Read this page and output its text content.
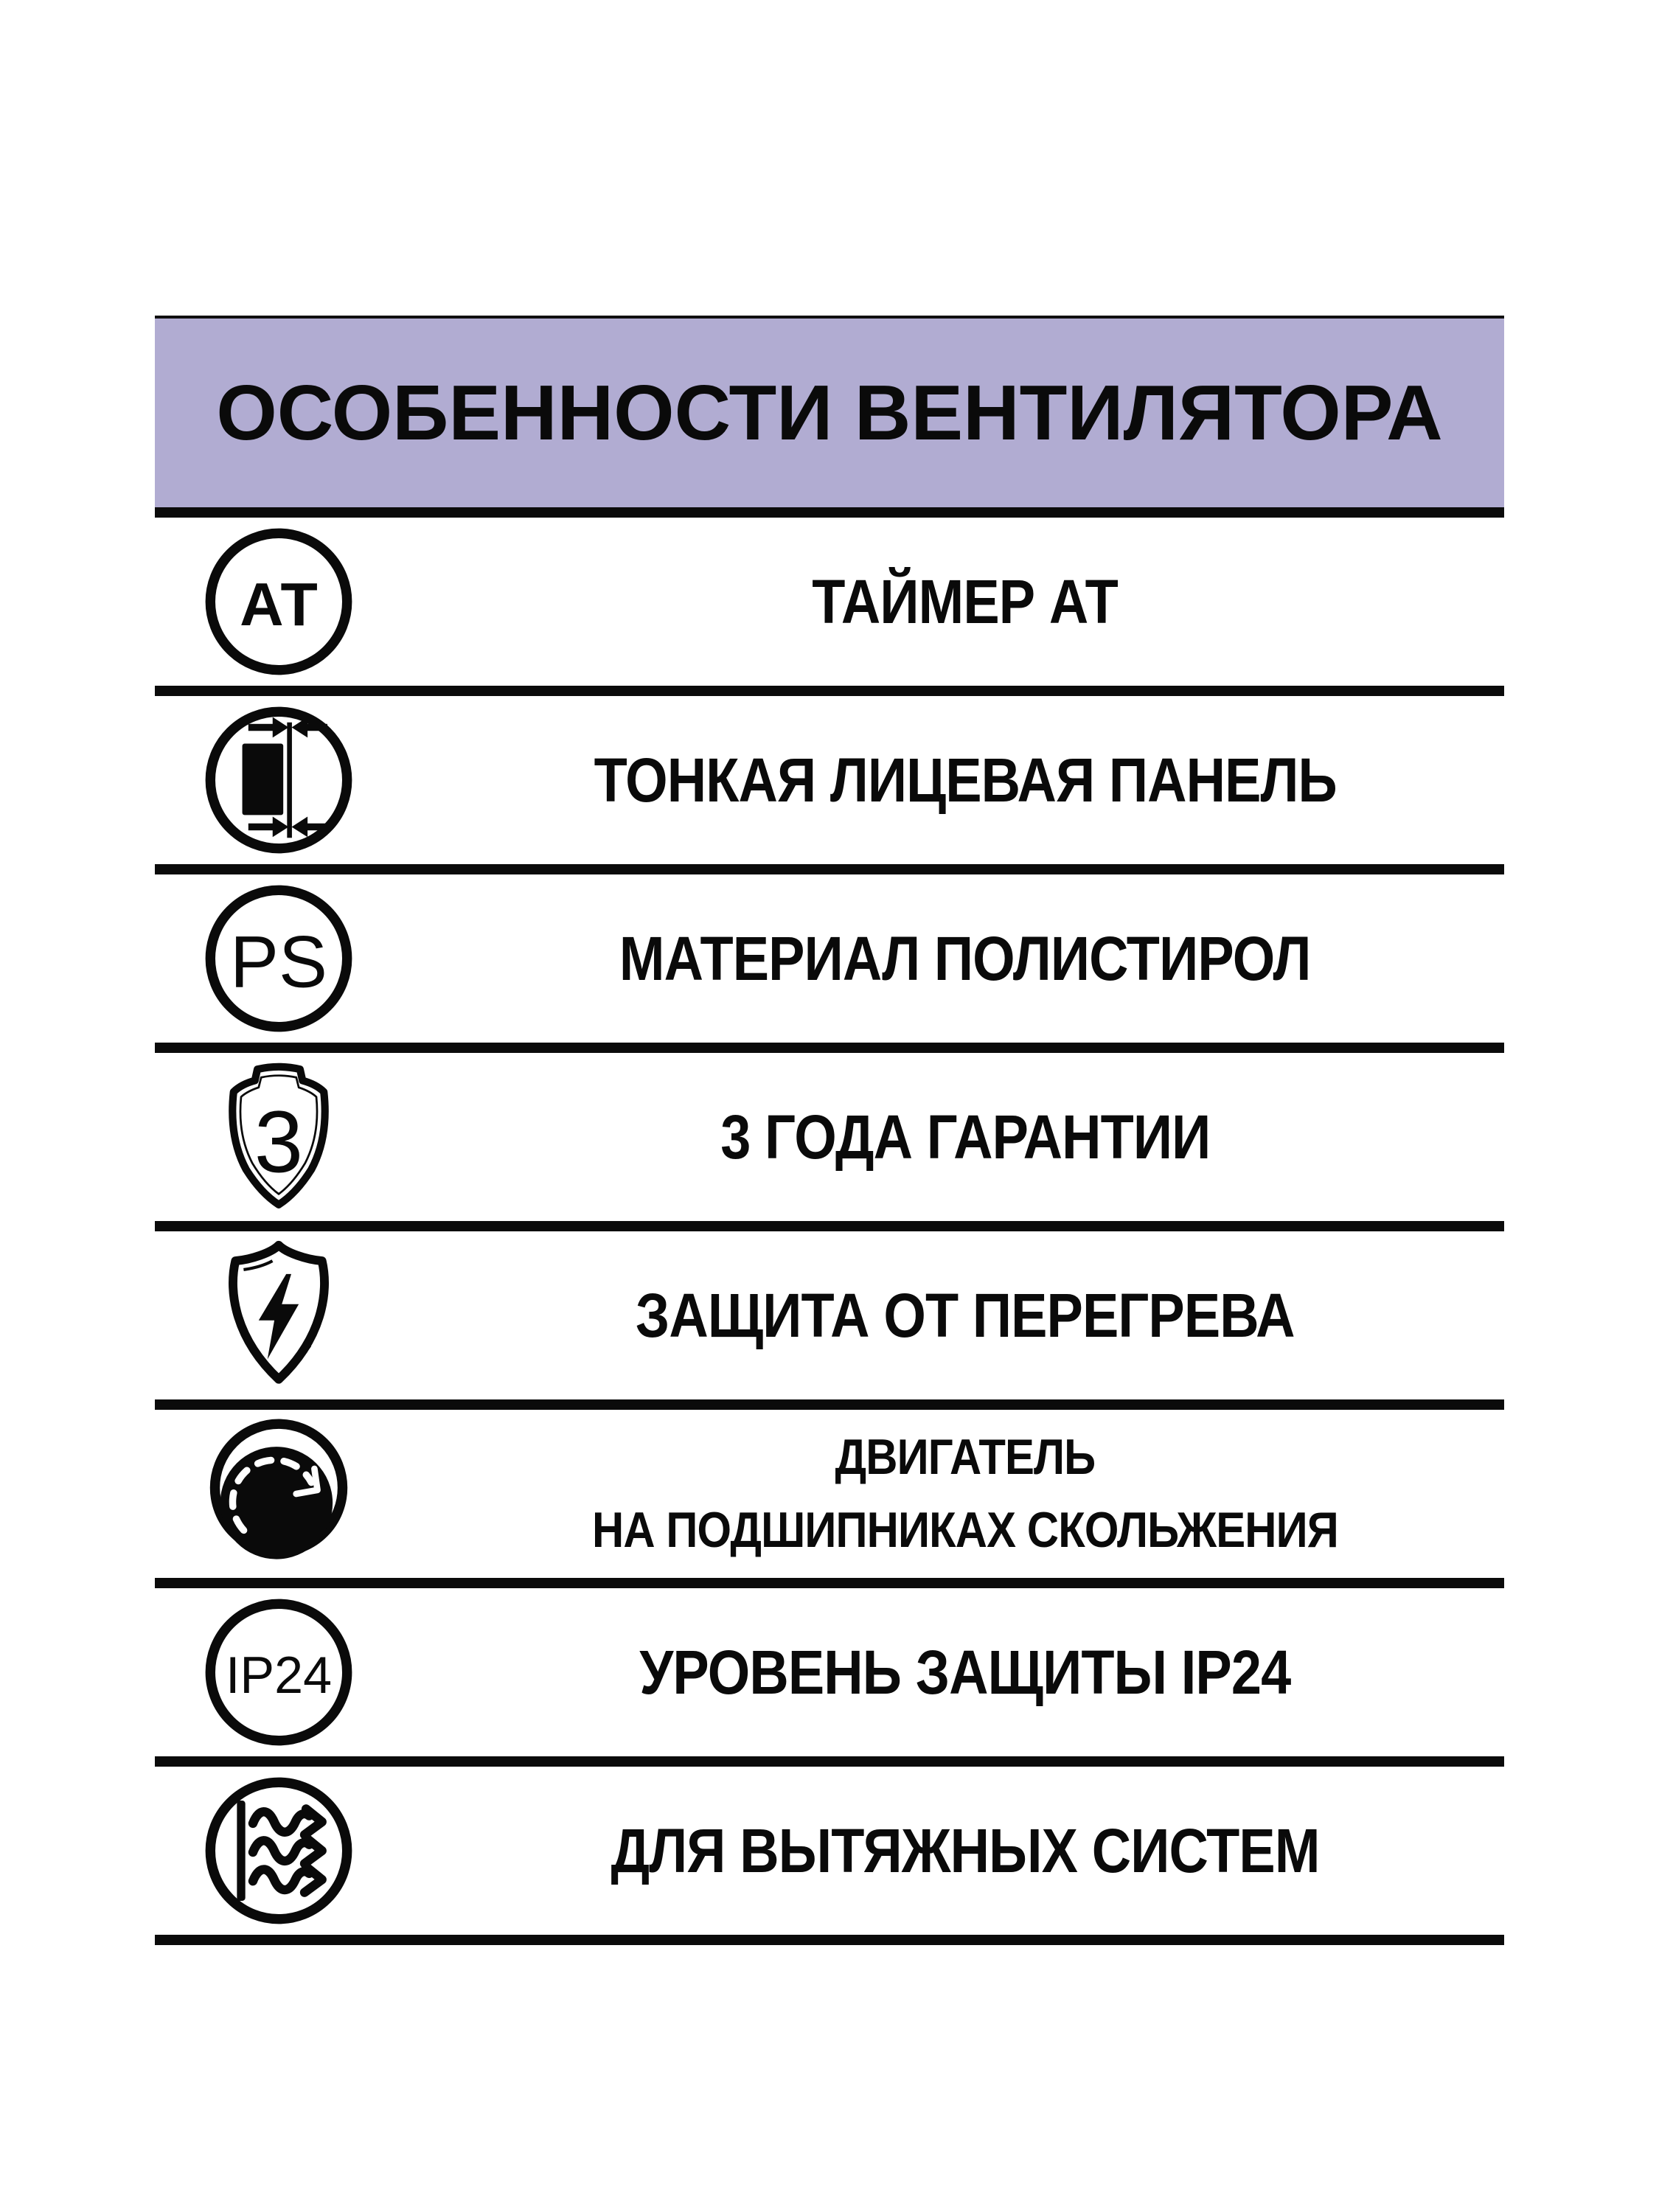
ОСОБЕННОСТИ ВЕНТИЛЯТОРА
АТ	ТАЙМЕР АТ
ТОНКАЯ ЛИЦЕВАЯ ПАНЕЛЬ
PS	МАТЕРИАЛ ПОЛИСТИРОЛ
3	3 ГОДА ГАРАНТИИ
ЗАЩИТА ОТ ПЕРЕГРЕВА
ДВИГАТЕЛЬ
НА ПОДШИПНИКАХ СКОЛЬЖЕНИЯ
IP24	УРОВЕНЬ ЗАЩИТЫ IP24
ДЛЯ ВЫТЯЖНЫХ СИСТЕМ
